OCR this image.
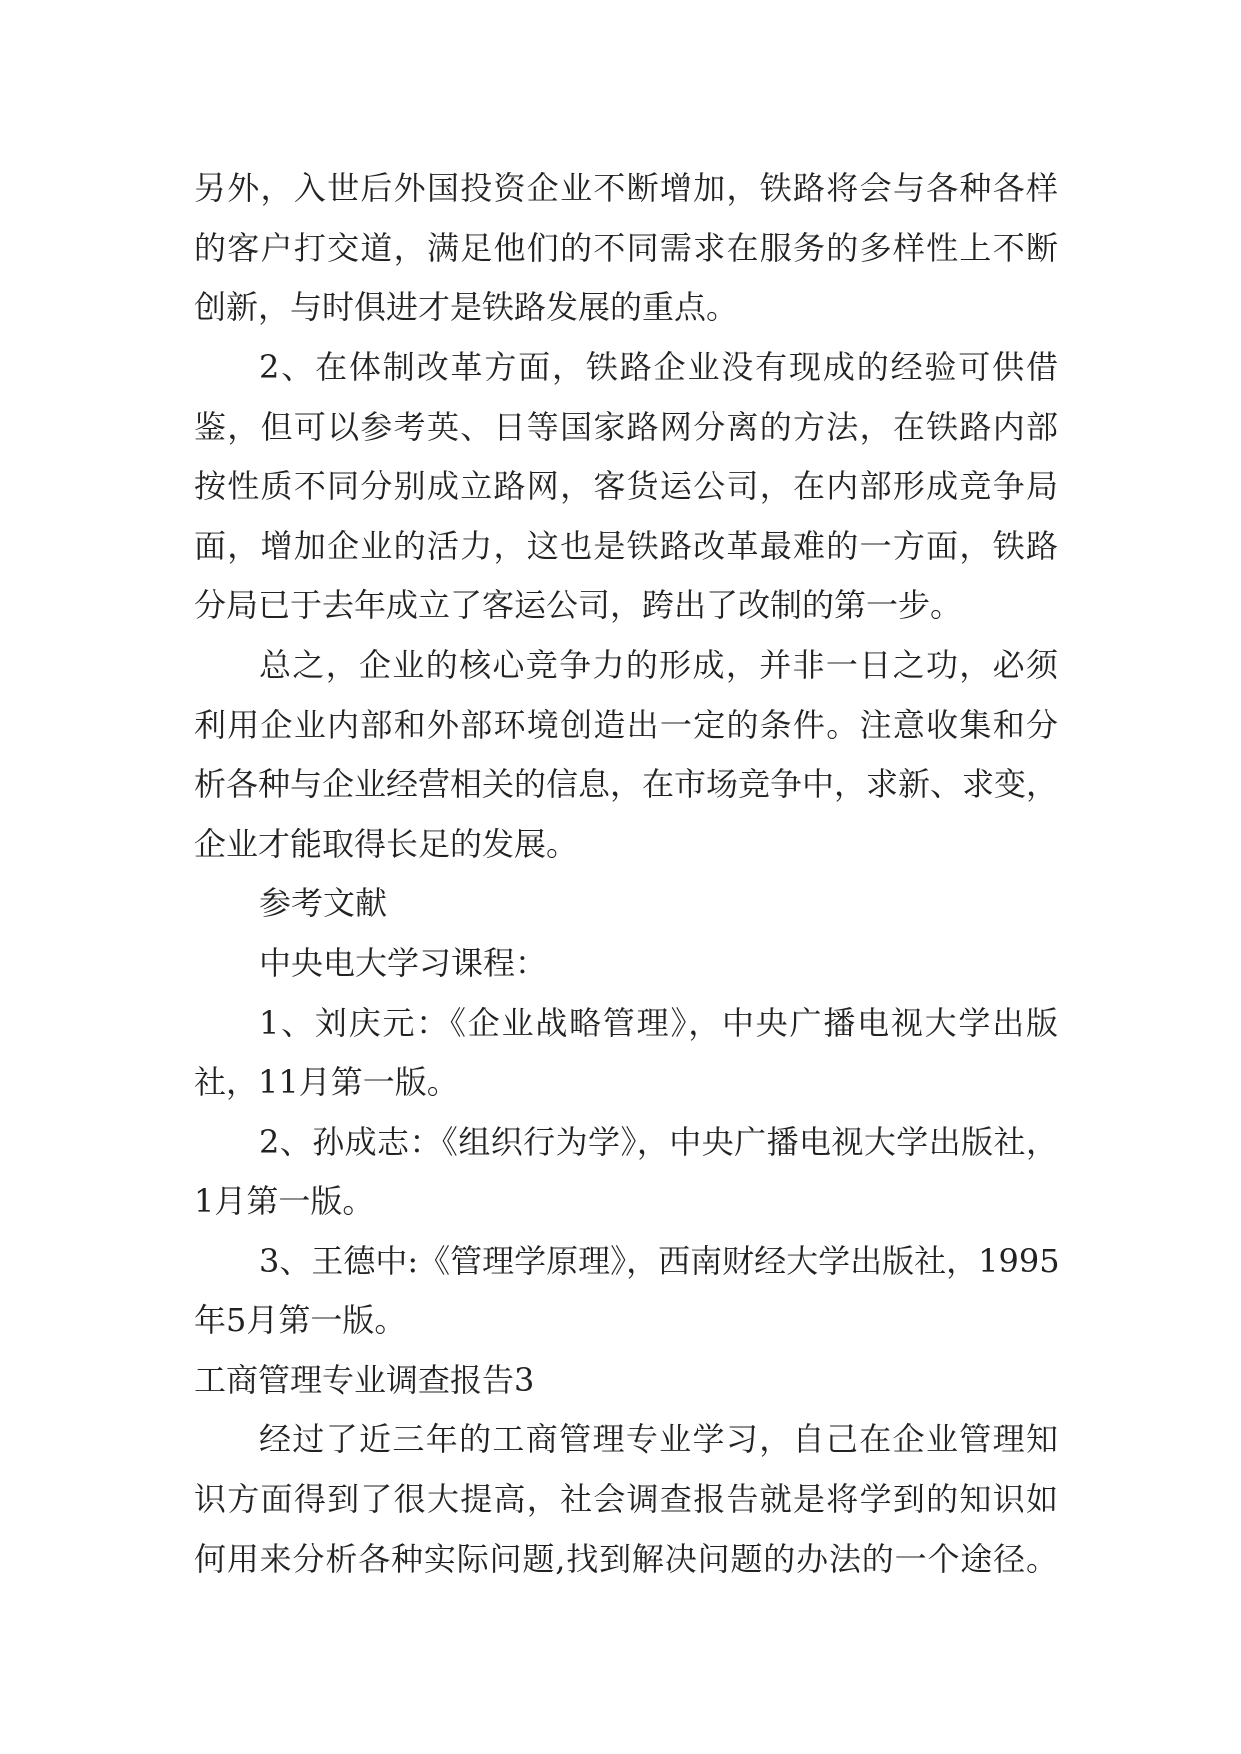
另外，入世后外国投资企业不断增加，铁路将会与各种各样
的客户打交道，满足他们的不同需求在服务的多样性上不断
创新，与时俱进才是铁路发展的重点。
2、在体制改革方面，铁路企业没有现成的经验可供借
鉴，但可以参考英、日等国家路网分离的方法，在铁路内部
按性质不同分别成立路网，客货运公司，在内部形成竞争局
面，增加企业的活力，这也是铁路改革最难的一方面，铁路
分局已于去年成立了客运公司，跨出了改制的第一步。
总之，企业的核心竞争力的形成，并非一日之功，必须
利用企业内部和外部环境创造出一定的条件。注意收集和分
析各种与企业经营相关的信息，在市场竞争中，求新、求变，
企业才能取得长足的发展。
参考文献
中央电大学习课程：
1、刘庆元：《企业战略管理》，中央广播电视大学出版
社，11月第一版。
2、孙成志：《组织行为学》，中央广播电视大学出版社，
1月第一版。
3、王德中:《管理学原理》，西南财经大学出版社，1995
年5月第一版。
工商管理专业调查报告3
经过了近三年的工商管理专业学习，自己在企业管理知
识方面得到了很大提高，社会调查报告就是将学到的知识如
何用来分析各种实际问题,找到解决问题的办法的一个途径。
